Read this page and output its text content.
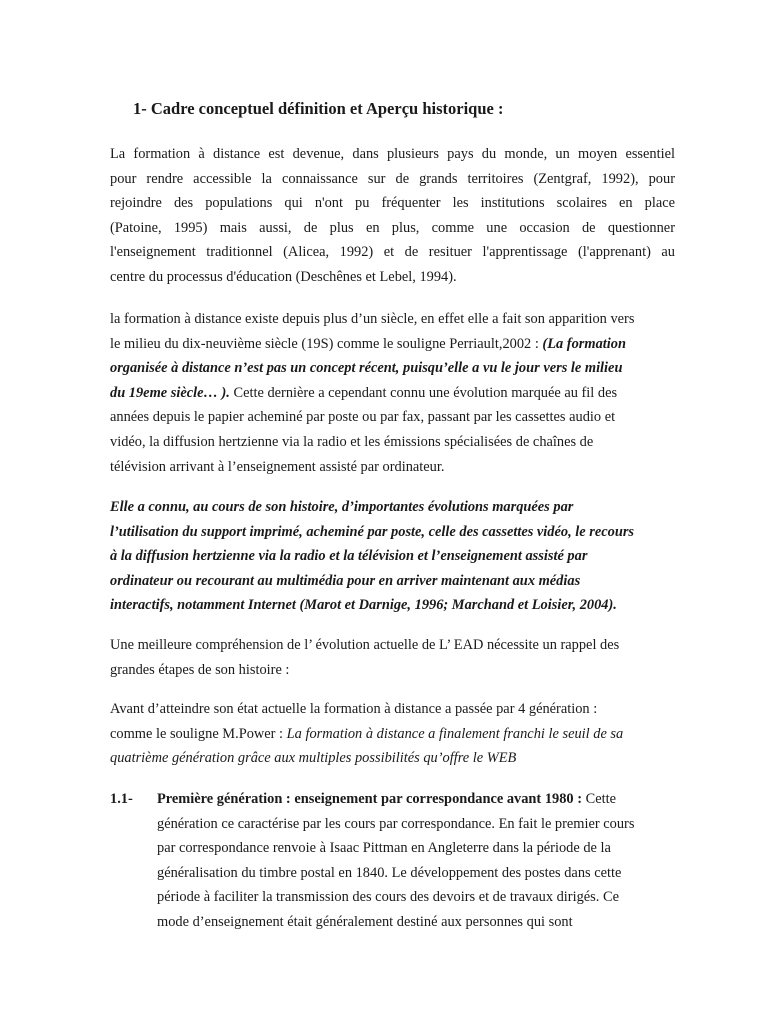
1- Cadre conceptuel définition et Aperçu historique :

La formation à distance est devenue, dans plusieurs pays du monde, un moyen essentiel
pour rendre accessible la connaissance sur de grands territoires (Zentgraf, 1992), pour
rejoindre des populations qui n'ont pu fréquenter les institutions scolaires en place
(Patoine, 1995) mais aussi, de plus en plus, comme une occasion de questionner
l'enseignement traditionnel (Alicea, 1992) et de resituer l'apprentissage (l'apprenant) au
centre du processus d'éducation (Deschênes et Lebel, 1994).

la formation à distance existe depuis plus d’un siècle, en effet elle a fait son apparition vers
le milieu du dix-neuvième siècle (19S) comme le souligne Perriault,2002 : (La formation
organisée à distance n’est pas un concept récent, puisqu’elle a vu le jour vers le milieu
du 19eme siècle… ). Cette dernière a cependant connu une évolution marquée au fil des
années depuis le papier acheminé par poste ou par fax, passant par les cassettes audio et
vidéo, la diffusion hertzienne via la radio et les émissions spécialisées de chaînes de
télévision arrivant à l’enseignement assisté par ordinateur.

Elle a connu, au cours de son histoire, d’importantes évolutions marquées par
l’utilisation du support imprimé, acheminé par poste, celle des cassettes vidéo, le recours
à la diffusion hertzienne via la radio et la télévision et l’enseignement assisté par
ordinateur ou recourant au multimédia pour en arriver maintenant aux médias
interactifs, notamment Internet (Marot et Darnige, 1996; Marchand et Loisier, 2004).

Une meilleure compréhension de l’ évolution actuelle de L’ EAD nécessite un rappel des
grandes étapes de son histoire :

Avant d’atteindre son état actuelle la formation à distance a passée par 4 génération :
comme le souligne M.Power : La formation à distance a finalement franchi le seuil de sa
quatrième génération grâce aux multiples possibilités qu’offre le WEB

1.1- Première génération : enseignement par correspondance avant 1980 : Cette
génération ce caractérise par les cours par correspondance. En fait le premier cours
par correspondance renvoie à Isaac Pittman en Angleterre dans la période de la
généralisation du timbre postal en 1840. Le développement des postes dans cette
période à faciliter la transmission des cours des devoirs et de travaux dirigés. Ce
mode d’enseignement était généralement destiné aux personnes qui sont
